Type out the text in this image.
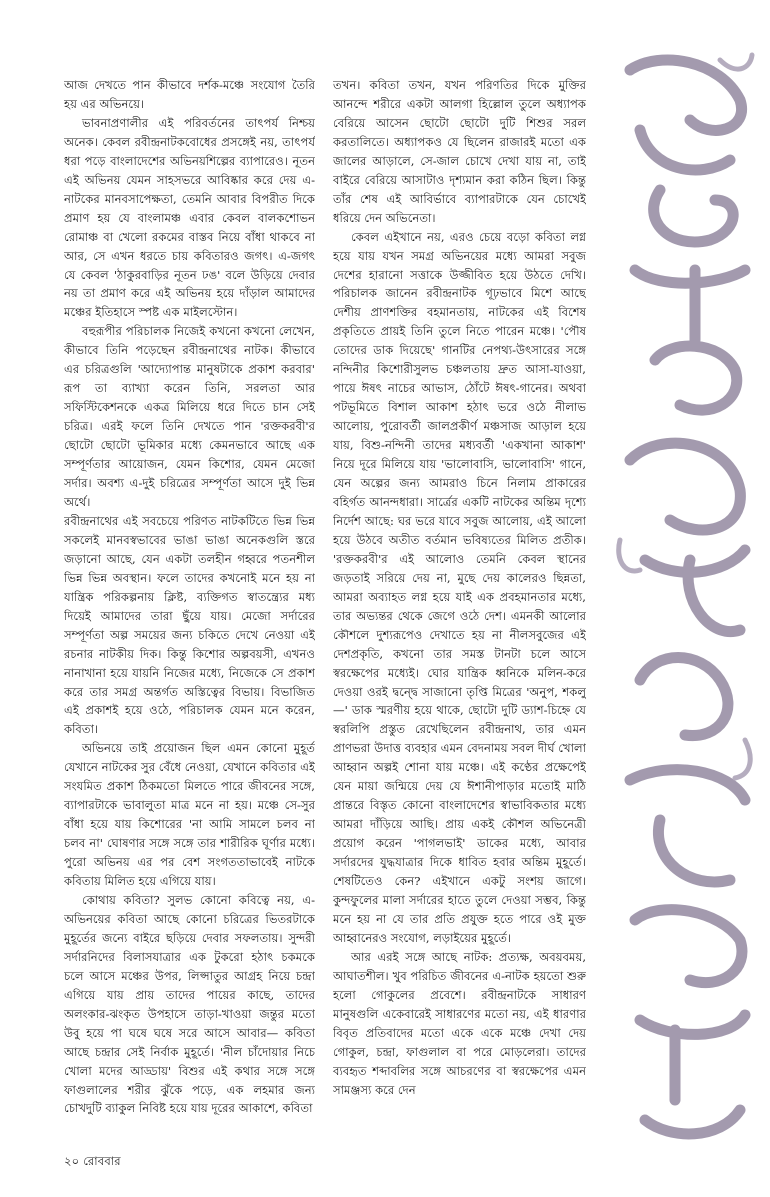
আজ দেখতে পান কীভাবে দর্শক-মঞ্চে সংযোগ তৈরি হয় এর অভিনয়ে।

ভাবনাপ্রণালীর এই পরিবর্তনের তাৎপর্য নিশ্চয় অনেক। কেবল রবীন্দ্রনাটকবোধের প্রসঙ্গেই নয়, তাৎপর্য ধরা পড়ে বাংলাদেশের অভিনয়শিল্পের ব্যাপারেও। নূতন এই অভিনয় যেমন সাহসভরে আবিষ্কার করে দেয় এ-নাটকের মানবসাপেক্ষতা, তেমনি আবার বিপরীত দিকে প্রমাণ হয় যে বাংলামঞ্চ এবার কেবল বালকশোভন রোমাঞ্চ বা খেলো রকমের বাস্তব নিয়ে বাঁধা থাকবে না আর, সে এখন ধরতে চায় কবিতারও জগৎ। এ-জগৎ যে কেবল 'ঠাকুরবাড়ির নূতন ঢঙ' বলে উড়িয়ে দেবার নয় তা প্রমাণ করে এই অভিনয় হয়ে দাঁড়াল আমাদের মঞ্চের ইতিহাসে স্পষ্ট এক মাইলস্টোন।

বহুরূপীর পরিচালক নিজেই কখনো কখনো লেখেন, কীভাবে তিনি পড়েছেন রবীন্দ্রনাথের নাটক। কীভাবে এর চরিত্রগুলি 'আদ্যোপান্ত মানুষটাকে প্রকাশ করবার' রূপ তা ব্যাখ্যা করেন তিনি, সরলতা আর সফিস্টিকেশনকে একত্র মিলিয়ে ধরে দিতে চান সেই চরিত্র। এরই ফলে তিনি দেখতে পান 'রক্তকরবী'র ছোটো ছোটো ভূমিকার মধ্যে কেমনভাবে আছে এক সম্পূর্ণতার আয়োজন, যেমন কিশোর, যেমন মেজো সর্দার। অবশ্য এ-দুই চরিত্রের সম্পূর্ণতা আসে দুই ভিন্ন অর্থে।

রবীন্দ্রনাথের এই সবচেয়ে পরিণত নাটকটিতে ভিন্ন ভিন্ন সকলেই মানবস্বভাবের ভাঙা ভাঙা অনেকগুলি স্তরে জড়ানো আছে, যেন একটা তলহীন গহ্বরে পতনশীল ভিন্ন ভিন্ন অবস্থান। ফলে তাদের কখনোই মনে হয় না যান্ত্রিক পরিকল্পনায় ক্লিষ্ট, ব্যক্তিগত স্বাতন্ত্র্যের মধ্য দিয়েই আমাদের তারা ছুঁয়ে যায়। মেজো সর্দারের সম্পূর্ণতা অল্প সময়ের জন্য চকিতে দেখে নেওয়া এই রচনার নাটকীয় দিক। কিন্তু কিশোর অল্পবয়সী, এখনও নানাখানা হয়ে যায়নি নিজের মধ্যে, নিজেকে সে প্রকাশ করে তার সমগ্র অন্তর্গত অস্তিত্বের বিভায়। বিভাজিত এই প্রকাশই হয়ে ওঠে, পরিচালক যেমন মনে করেন, কবিতা।

অভিনয়ে তাই প্রয়োজন ছিল এমন কোনো মুহূর্ত যেখানে নাটকের সুর বেঁধে নেওয়া, যেখানে কবিতার এই সংযমিত প্রকাশ ঠিকমতো মিলতে পারে জীবনের সঙ্গে, ব্যাপারটাকে ভাবালুতা মাত্র মনে না হয়। মঞ্চে সে-সুর বাঁধা হয়ে যায় কিশোরের 'না আমি সামলে চলব না চলব না' ঘোষণার সঙ্গে সঙ্গে তার শারীরিক ঘূর্ণার মধ্যে। পুরো অভিনয় এর পর বেশ সংগততাভাবেই নাটকে কবিতায় মিলিত হয়ে এগিয়ে যায়।

কোথায় কবিতা? সুলভ কোনো কবিত্বে নয়, এ-অভিনয়ের কবিতা আছে কোনো চরিত্রের ভিতরটাকে মুহূর্তের জন্যে বাইরে ছড়িয়ে দেবার সফলতায়। সুন্দরী সর্দারনিদের বিলাসযাত্রার এক টুকরো হঠাৎ চকমকে চলে আসে মঞ্চের উপর, লিপ্সাতুর আগ্রহ নিয়ে চন্দ্রা এগিয়ে যায় প্রায় তাদের পায়ের কাছে, তাদের অলংকার-ঝংকৃত উপহাসে তাড়া-খাওয়া জন্তুর মতো উবু হয়ে পা ঘষে ঘষে সরে আসে আবার— কবিতা আছে চন্দ্রার সেই নির্বাক মুহূর্তে। 'নীল চাঁদোয়ার নিচে খোলা মদের আড্ডায়' বিশুর এই কথার সঙ্গে সঙ্গে ফাগুলালের শরীর ঝুঁকে পড়ে, এক লহমার জন্য চোখদুটি ব্যাকুল নিবিষ্ট হয়ে যায় দূরের আকাশে, কবিতা

তখন। কবিতা তখন, যখন পরিণতির দিকে মুক্তির আনন্দে শরীরে একটা আলগা হিল্লোল তুলে অধ্যাপক বেরিয়ে আসেন ছোটো ছোটো দুটি শিশুর সরল করতালিতে। অধ্যাপকও যে ছিলেন রাজারই মতো এক জালের আড়ালে, সে-জাল চোখে দেখা যায় না, তাই বাইরে বেরিয়ে আসাটাও দৃশ্যমান করা কঠিন ছিল। কিন্তু তাঁর শেষ এই আবির্ভাবে ব্যাপারটাকে যেন চোখেই ধরিয়ে দেন অভিনেতা।

কেবল এইখানে নয়, এরও চেয়ে বড়ো কবিতা লগ্ন হয়ে যায় যখন সমগ্র অভিনয়ের মধ্যে আমরা সবুজ দেশের হারানো সত্তাকে উজ্জীবিত হয়ে উঠতে দেখি। পরিচালক জানেন রবীন্দ্রনাটক গূঢ়ভাবে মিশে আছে দেশীয় প্রাণশক্তির বহমানতায়, নাটকের এই বিশেষ প্রকৃতিতে প্রায়ই তিনি তুলে নিতে পারেন মঞ্চে। 'পৌষ তোদের ডাক দিয়েছে' গানটির নেপথ্য-উৎসারের সঙ্গে নন্দিনীর কিশোরীসুলভ চঞ্চলতায় দ্রুত আসা-যাওয়া, পায়ে ঈষৎ নাচের আভাস, ঠোঁটে ঈষৎ-গানের। অথবা পটভূমিতে বিশাল আকাশ হঠাৎ ভরে ওঠে নীলাভ আলোয়, পুরোবর্তী জালপ্রকীর্ণ মঞ্চসাজ আড়াল হয়ে যায়, বিশু-নন্দিনী তাদের মধ্যবর্তী 'একখানা আকাশ' নিয়ে দূরে মিলিয়ে যায় 'ভালোবাসি, ভালোবাসি' গানে, যেন অল্পের জন্য আমরাও চিনে নিলাম প্রাকারের বহির্গত আনন্দধারা। সার্ত্রের একটি নাটকের অন্তিম দৃশ্যে নির্দেশ আছে: ঘর ভরে যাবে সবুজ আলোয়, এই আলো হয়ে উঠবে অতীত বর্তমান ভবিষ্যতের মিলিত প্রতীক। 'রক্তকরবী'র এই আলোও তেমনি কেবল স্থানের জড়তাই সরিয়ে দেয় না, মুছে দেয় কালেরও ছিন্নতা, আমরা অব্যাহত লগ্ন হয়ে যাই এক প্রবহমানতার মধ্যে, তার অভ্যন্তর থেকে জেগে ওঠে দেশ। এমনকী আলোর কৌশলে দুশ্যরূপেও দেখাতে হয় না নীলসবুজের এই দেশপ্রকৃতি, কখনো তার সমস্ত টানটা চলে আসে স্বরক্ষেপের মধ্যেই। ঘোর যান্ত্রিক ধ্বনিকে মলিন-করে দেওয়া ওরই দ্বন্দ্বে সাজানো তৃপ্তি মিত্রের 'অনুপ, শকলু—' ডাক স্মরণীয় হয়ে থাকে, ছোটো দুটি ড্যাশ-চিহ্নে যে স্বরলিপি প্রস্তুত রেখেছিলেন রবীন্দ্রনাথ, তার এমন প্রাণভরা উদাত্ত ব্যবহার এমন বেদনাময় সবল দীর্ঘ খোলা আহ্বান অল্পই শোনা যায় মঞ্চে। এই কণ্ঠের প্রক্ষেপেই যেন মায়া জন্মিয়ে দেয় যে ঈশানীপাড়ার মতোই মাঠি প্রান্তরে বিস্তৃত কোনো বাংলাদেশের স্বাভাবিকতার মধ্যে আমরা দাঁড়িয়ে আছি। প্রায় একই কৌশল অভিনেত্রী প্রয়োগ করেন 'পাগলভাই' ডাকের মধ্যে, আবার সর্দারদের যুদ্ধযাত্রার দিকে ধাবিত হবার অন্তিম মুহূর্তে। শেষটিতেও কেন? এইখানে একটু সংশয় জাগে। কুন্দফুলের মালা সর্দারের হাতে তুলে দেওয়া সম্ভব, কিন্তু মনে হয় না যে তার প্রতি প্রযুক্ত হতে পারে ওই মুক্ত আহ্বানেরও সংযোগ, লড়াইয়ের মুহূর্তে।

আর এরই সঙ্গে আছে নাটক: প্রত্যক্ষ, অবয়বময়, আঘাতশীল। খুব পরিচিত জীবনের এ-নাটক হয়তো শুরু হলো গোকুলের প্রবেশে। রবীন্দ্রনাটকে সাধারণ মানুষগুলি একেবারেই সাধারণের মতো নয়, এই ধারণার বিবৃত প্রতিবাদের মতো একে একে মঞ্চে দেখা দেয় গোকুল, চন্দ্রা, ফাগুলাল বা পরে মোড়লেরা। তাদের ব্যবহৃত শব্দাবলির সঙ্গে আচরণের বা স্বরক্ষেপের এমন সামঞ্জস্য করে দেন

২০ রোববার
